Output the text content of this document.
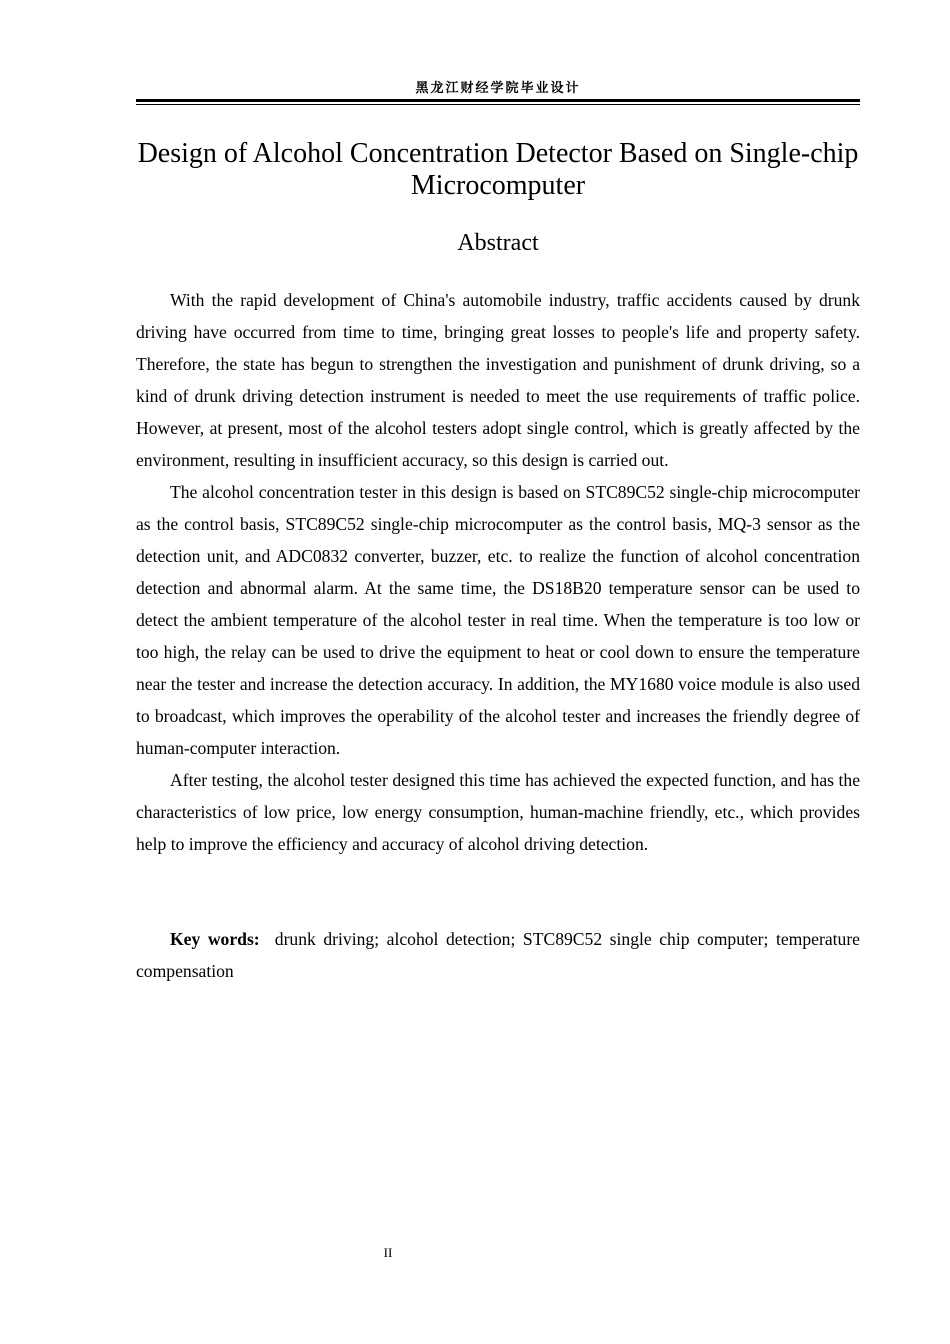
黑龙江财经学院毕业设计
Design of Alcohol Concentration Detector Based on Single-chip Microcomputer
Abstract

With the rapid development of China's automobile industry, traffic accidents caused by drunk driving have occurred from time to time, bringing great losses to people's life and property safety. Therefore, the state has begun to strengthen the investigation and punishment of drunk driving, so a kind of drunk driving detection instrument is needed to meet the use requirements of traffic police. However, at present, most of the alcohol testers adopt single control, which is greatly affected by the environment, resulting in insufficient accuracy, so this design is carried out.

The alcohol concentration tester in this design is based on STC89C52 single-chip microcomputer as the control basis, STC89C52 single-chip microcomputer as the control basis, MQ-3 sensor as the detection unit, and ADC0832 converter, buzzer, etc. to realize the function of alcohol concentration detection and abnormal alarm. At the same time, the DS18B20 temperature sensor can be used to detect the ambient temperature of the alcohol tester in real time. When the temperature is too low or too high, the relay can be used to drive the equipment to heat or cool down to ensure the temperature near the tester and increase the detection accuracy. In addition, the MY1680 voice module is also used to broadcast, which improves the operability of the alcohol tester and increases the friendly degree of human-computer interaction.

After testing, the alcohol tester designed this time has achieved the expected function, and has the characteristics of low price, low energy consumption, human-machine friendly, etc., which provides help to improve the efficiency and accuracy of alcohol driving detection.

Key words: drunk driving; alcohol detection; STC89C52 single chip computer; temperature compensation
II
